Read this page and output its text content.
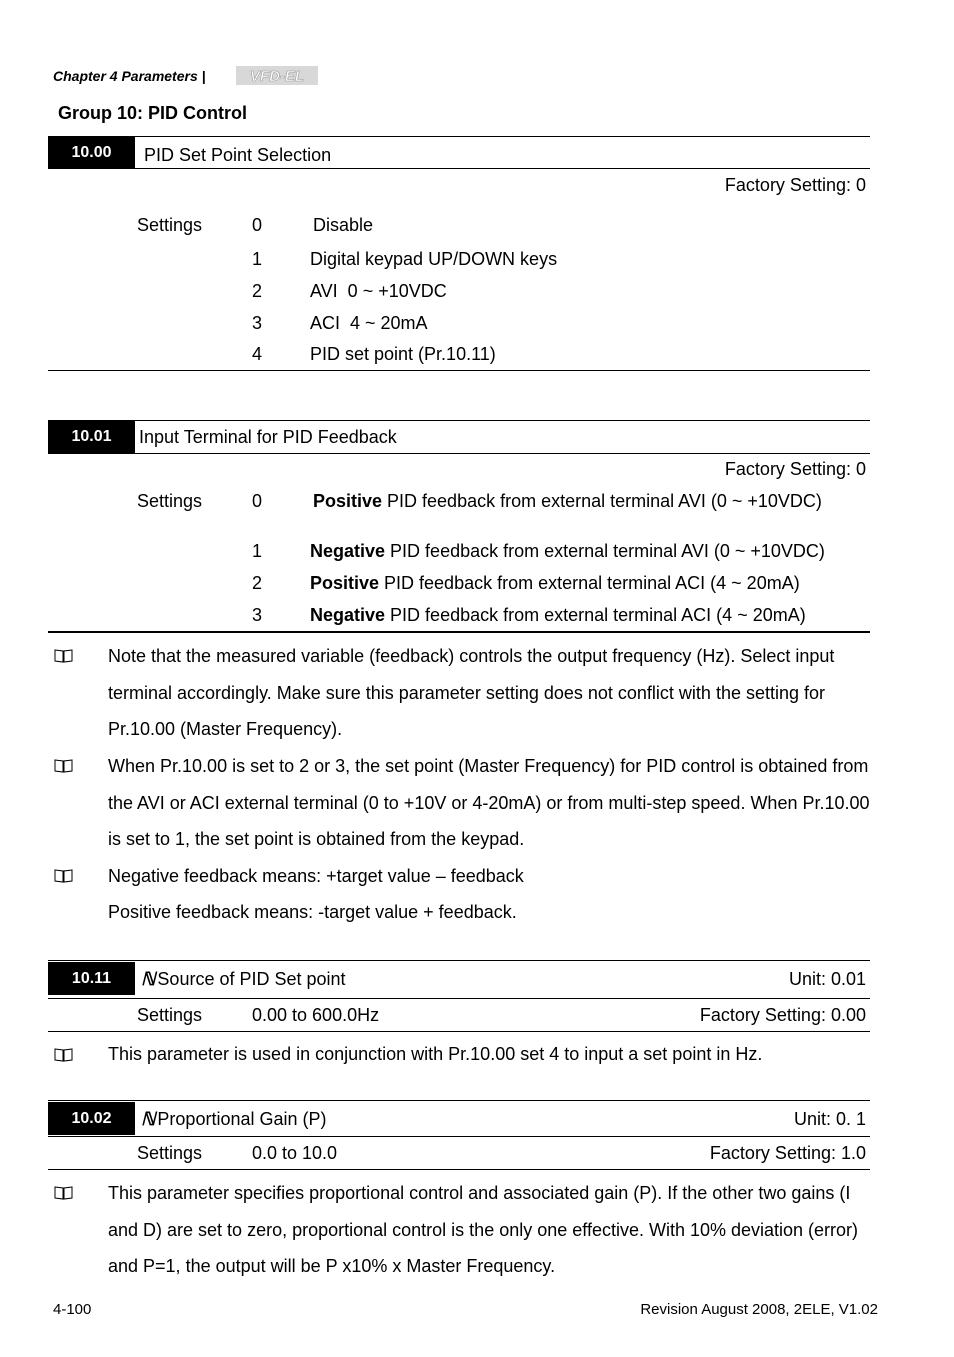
Chapter 4 Parameters |	VFD-EL
Group 10: PID Control
10.00	PID Set Point Selection
Factory Setting: 0
Settings	0	Disable
1	Digital keypad UP/DOWN keys
2	AVI  0 ~ +10VDC
3	ACI  4 ~ 20mA
4	PID set point (Pr.10.11)
10.01	Input Terminal for PID Feedback
Factory Setting: 0
Settings	0	Positive PID feedback from external terminal AVI (0 ~ +10VDC)
1	Negative PID feedback from external terminal AVI (0 ~ +10VDC)
2	Positive PID feedback from external terminal ACI (4 ~ 20mA)
3	Negative PID feedback from external terminal ACI (4 ~ 20mA)
Note that the measured variable (feedback) controls the output frequency (Hz). Select input terminal accordingly. Make sure this parameter setting does not conflict with the setting for Pr.10.00 (Master Frequency).
When Pr.10.00 is set to 2 or 3, the set point (Master Frequency) for PID control is obtained from the AVI or ACI external terminal (0 to +10V or 4-20mA) or from multi-step speed. When Pr.10.00 is set to 1, the set point is obtained from the keypad.
Negative feedback means: +target value – feedback
Positive feedback means: -target value + feedback.
10.11	ℕ Source of PID Set point	Unit: 0.01
Settings	0.00 to 600.0Hz	Factory Setting: 0.00
This parameter is used in conjunction with Pr.10.00 set 4 to input a set point in Hz.
10.02	ℕ Proportional Gain (P)	Unit: 0. 1
Settings	0.0 to 10.0	Factory Setting: 1.0
This parameter specifies proportional control and associated gain (P). If the other two gains (I and D) are set to zero, proportional control is the only one effective. With 10% deviation (error) and P=1, the output will be P x10% x Master Frequency.
4-100	Revision August 2008, 2ELE, V1.02
